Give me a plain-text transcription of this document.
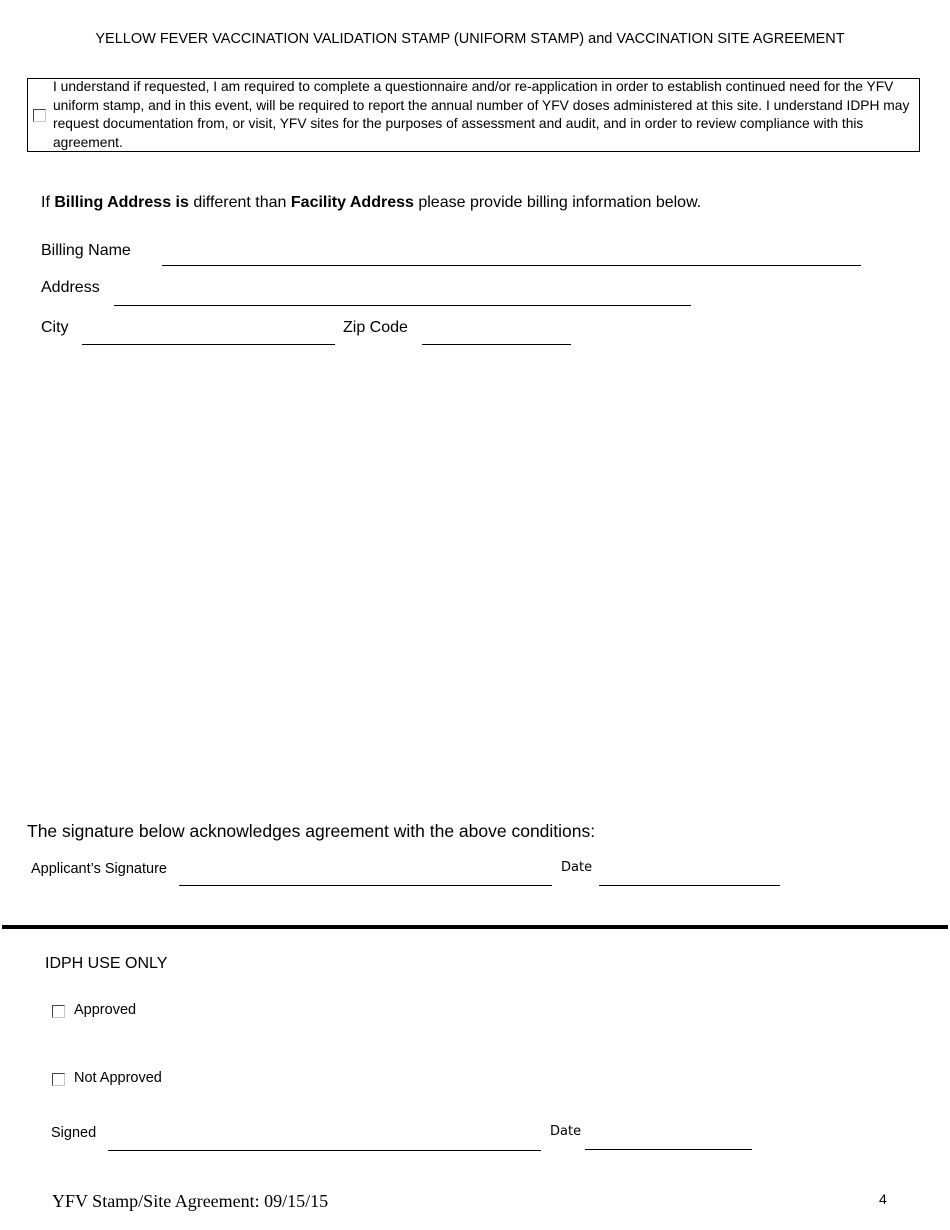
YELLOW FEVER VACCINATION VALIDATION STAMP (UNIFORM STAMP) and VACCINATION SITE AGREEMENT
I understand if requested, I am required to complete a questionnaire and/or re-application in order to establish continued need for the YFV uniform stamp, and in this event, will be required to report the annual number of YFV doses administered at this site. I understand IDPH may request documentation from, or visit, YFV sites for the purposes of assessment and audit, and in order to review compliance with this agreement.
If Billing Address is different than Facility Address please provide billing information below.
Billing Name
Address
City	Zip Code
The signature below acknowledges agreement with the above conditions:
Applicant’s Signature	Date
IDPH USE ONLY
Approved
Not Approved
Signed	Date
YFV Stamp/Site Agreement: 09/15/15	4
